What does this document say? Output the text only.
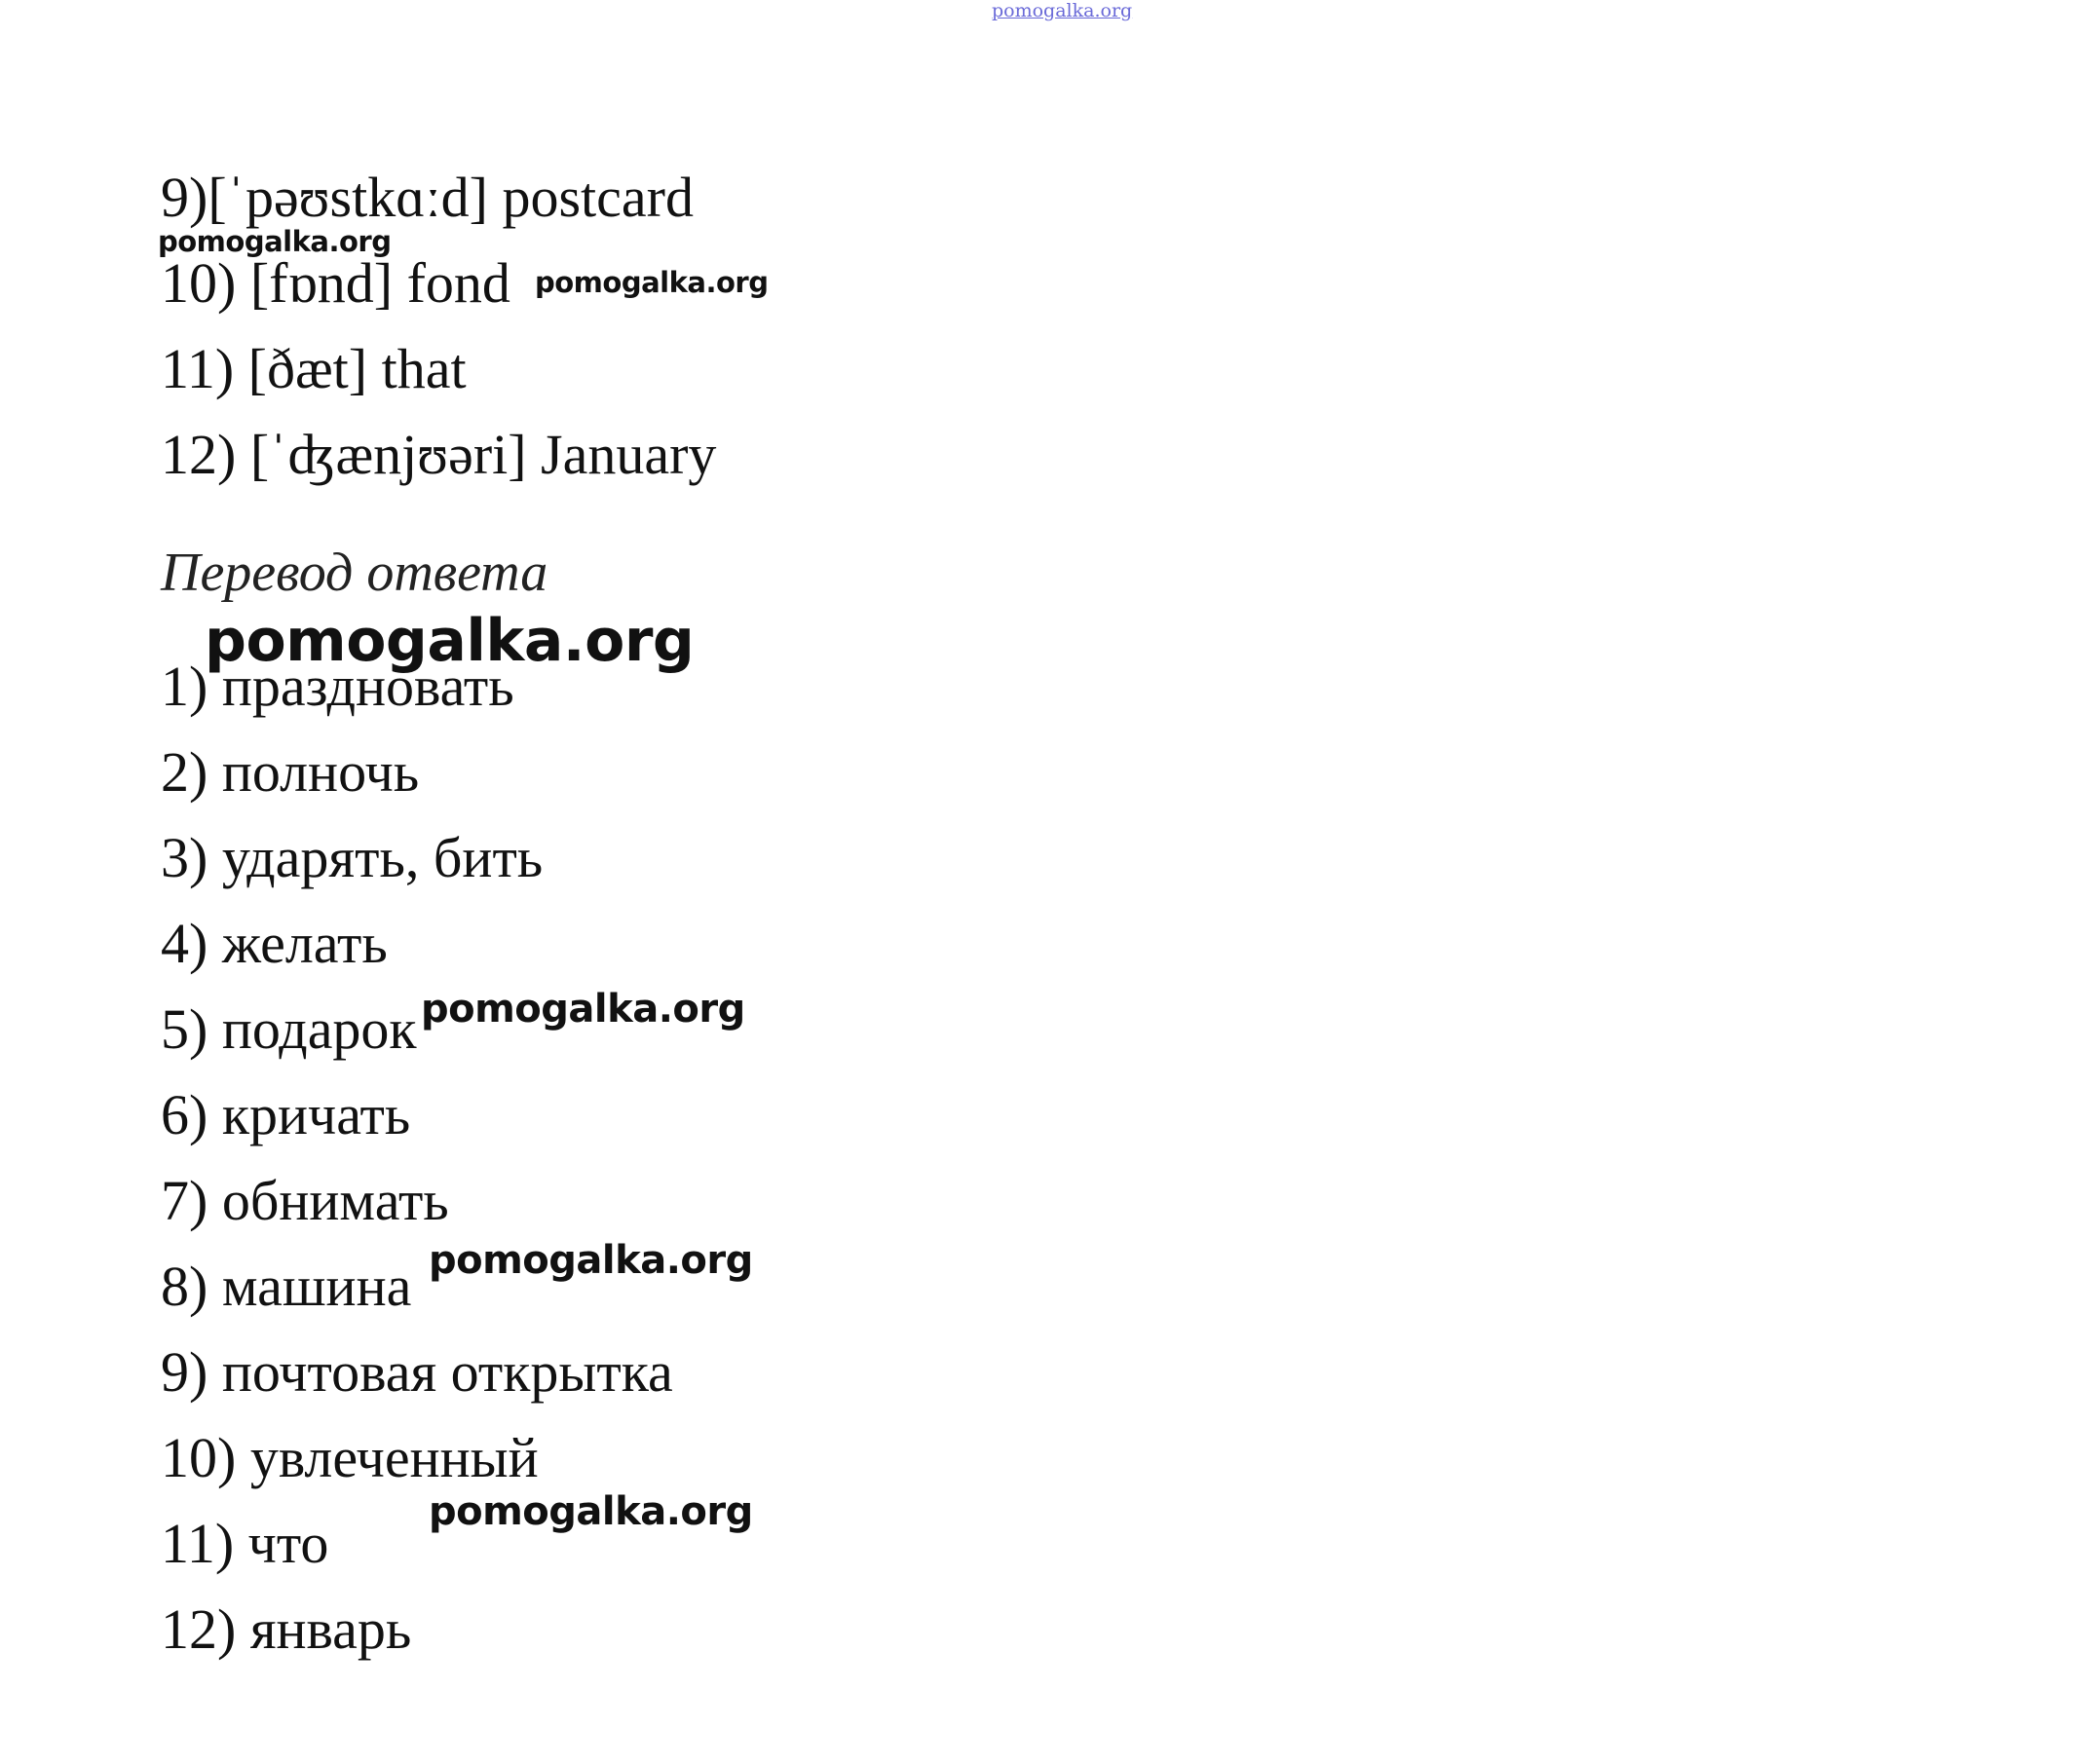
pomogalka.org
9)[ˈpəʊstkɑːd] postcard
10) [fɒnd] fond
11) [ðæt] that
12) [ˈʤænjʊəri] January
Перевод ответа
1) праздновать
2) полночь
3) ударять, бить
4) желать
5) подарок
6) кричать
7) обнимать
8) машина
9) почтовая открытка
10) увлеченный
11) что
12) январь
pomogalka.org
pomogalka.org
pomogalka.org
pomogalka.org
pomogalka.org
pomogalka.org
